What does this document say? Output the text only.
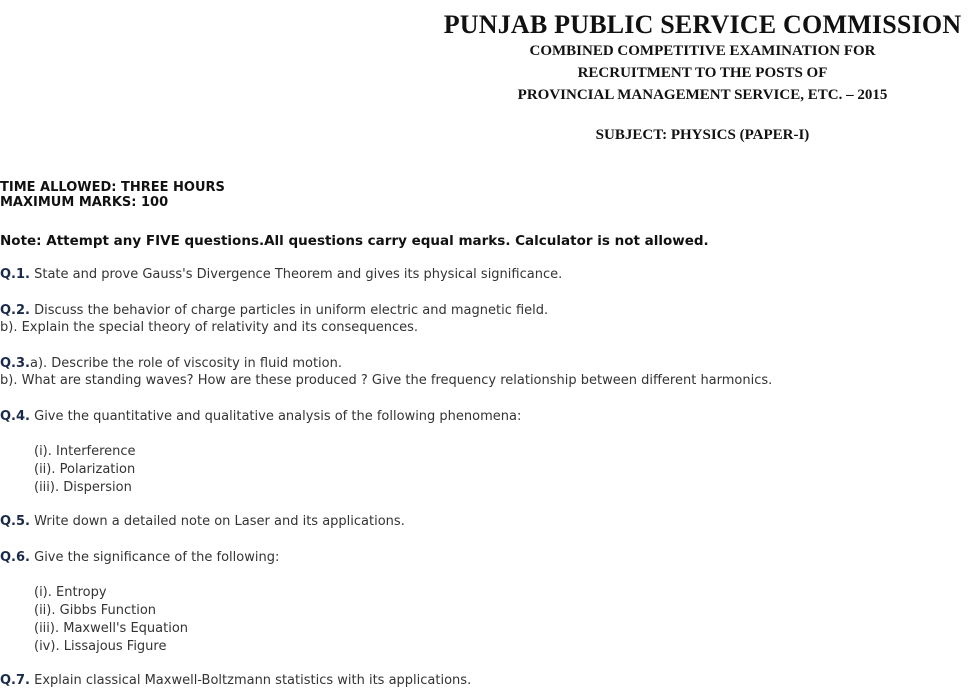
PUNJAB PUBLIC SERVICE COMMISSION
COMBINED COMPETITIVE EXAMINATION FOR
RECRUITMENT TO THE POSTS OF
PROVINCIAL MANAGEMENT SERVICE, ETC. – 2015
SUBJECT: PHYSICS (PAPER-I)
TIME ALLOWED: THREE HOURS
MAXIMUM MARKS: 100
Note: Attempt any FIVE questions.All questions carry equal marks. Calculator is not allowed.
Q.1. State and prove Gauss's Divergence Theorem and gives its physical significance.
Q.2. Discuss the behavior of charge particles in uniform electric and magnetic field.
b). Explain the special theory of relativity and its consequences.
Q.3.a). Describe the role of viscosity in fluid motion.
b). What are standing waves? How are these produced ? Give the frequency relationship between different harmonics.
Q.4. Give the quantitative and qualitative analysis of the following phenomena:
(i). Interference
(ii). Polarization
(iii). Dispersion
Q.5. Write down a detailed note on Laser and its applications.
Q.6. Give the significance of the following:
(i). Entropy
(ii). Gibbs Function
(iii). Maxwell's Equation
(iv). Lissajous Figure
Q.7. Explain classical Maxwell-Boltzmann statistics with its applications.
